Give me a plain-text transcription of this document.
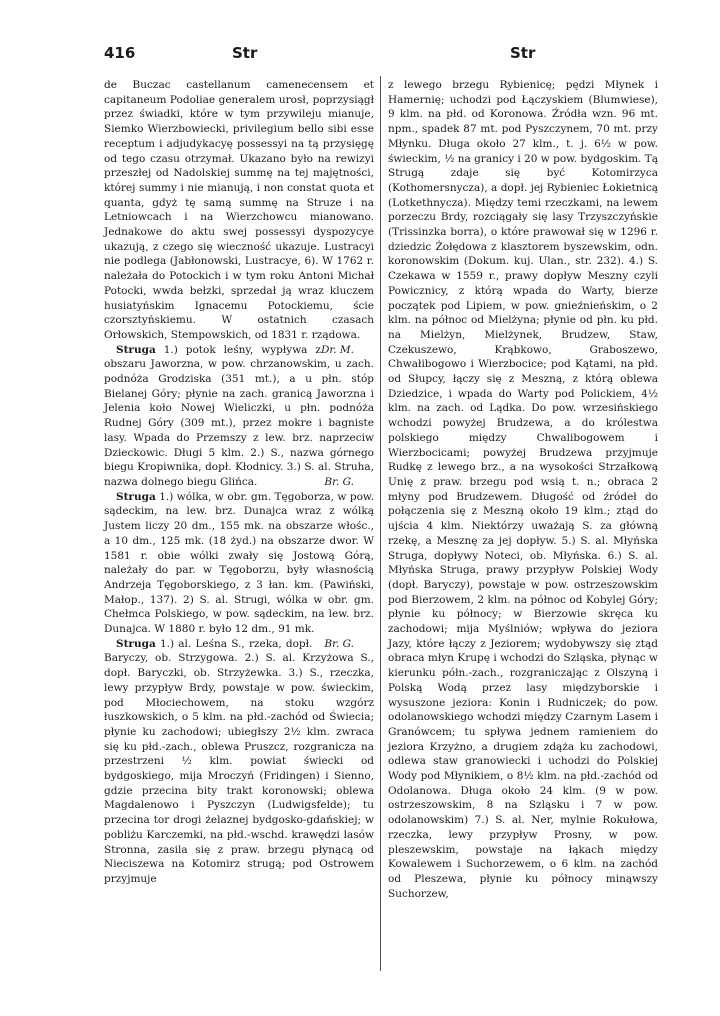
416	Str	Str

de Buczac castellanum camenecensem et capitaneum Podoliae generalem urosł, poprzysiągł przez świadki, które w tym przywileju mianuje, Siemko Wierzbowiecki, privilegium bello sibi esse receptum i adjudykacyę possessyi na tą przysięgę od tego czasu otrzymał. Ukazano było na rewizyi przeszłej od Nadolskiej summę na tej majętności, której summy i nie mianują, i non constat quota et quanta, gdyż tę samą summę na Struze i na Letniowcach i na Wierzchowcu mianowano. Jednakowe do aktu swej possessyi dyspozycye ukazują, z czego się wieczność ukazuje. Lustracyi nie podlega (Jabłonowski, Lustracye, 6). W 1762 r. należała do Potockich i w tym roku Antoni Michał Potocki, wwda bełzki, sprzedał ją wraz kluczem husiatyńskim Ignacemu Potockiemu, ście czorsztyńskiemu. W ostatnich czasach Orłowskich, Stempowskich, od 1831 r. rządowa.
Dr. M.

Struga 1.) potok leśny, wypływa z obszaru Jaworzna, w pow. chrzanowskim, u zach. podnóża Grodziska (351 mt.), a u płn. stóp Bielanej Góry; płynie na zach. granicą Jaworzna i Jelenia koło Nowej Wieliczki, u płn. podnóża Rudnej Góry (309 mt.), przez mokre i bagniste lasy. Wpada do Przemszy z lew. brz. naprzeciw Dzieckowic. Długi 5 klm. 2.) S., nazwa górnego biegu Kropiwnika, dopł. Kłodnicy. 3.) S. al. Struha, nazwa dolnego biegu Glińca.	Br. G.

Struga 1.) wólka, w obr. gm. Tęgoborza, w pow. sądeckim, na lew. brz. Dunajca wraz z wólką Justem liczy 20 dm., 155 mk. na obszarze włośc., a 10 dm., 125 mk. (18 żyd.) na obszarze dwor. W 1581 r. obie wólki zwały się Jostową Górą, należały do par. w Tęgoborzu, były własnością Andrzeja Tęgoborskiego, z 3 łan. km. (Pawiński, Małop., 137). 2) S. al. Strugi, wólka w obr. gm. Chełmca Polskiego, w pow. sądeckim, na lew. brz. Dunajca. W 1880 r. było 12 dm., 91 mk.
Br. G.

Struga 1.) al. Leśna S., rzeka, dopł. Baryczy, ob. Strzygowa. 2.) S. al. Krzyżowa S., dopł. Baryczki, ob. Strzyżewka. 3.) S., rzeczka, lewy przypływ Brdy, powstaje w pow. świeckim, pod Młociechowem, na stoku wzgórz łuszkowskich, o 5 klm. na płd.-zachód od Świecia; płynie ku zachodowi; ubiegłszy 2½ klm. zwraca się ku płd.-zach., oblewa Pruszcz, rozgranicza na przestrzeni ½ klm. powiat świecki od bydgoskiego, mija Mroczyń (Fridingen) i Sienno, gdzie przecina bity trakt koronowski; oblewa Magdalenowo i Pyszczyn (Ludwigsfelde); tu przecina tor drogi żelaznej bydgosko-gdańskiej; w pobliżu Karczemki, na płd.-wschd. krawędzi lasów Stronna, zasila się z praw. brzegu płynącą od Nieciszewa na Kotomirz strugą; pod Ostrowem przyjmuje

z lewego brzegu Rybienicę; pędzi Młynek i Hamernię; uchodzi pod Łączyskiem (Blumwiese), 9 klm. na płd. od Koronowa. Źródła wzn. 96 mt. npm., spadek 87 mt. pod Pyszczynem, 70 mt. przy Młynku. Długa około 27 klm., t. j. 6½ w pow. świeckim, ½ na granicy i 20 w pow. bydgoskim. Tą Strugą zdaje się być Kotomirzyca (Kothomersnycza), a dopł. jej Rybieniec Łokietnicą (Lotkethnycza). Między temi rzeczkami, na lewem porzeczu Brdy, rozciągały się lasy Trzyszczyńskie (Trissinzka borra), o które prawował się w 1296 r. dziedzic Żołędowa z klasztorem byszewskim, odn. koronowskim (Dokum. kuj. Ulan., str. 232). 4.) S. Czekawa w 1559 r., prawy dopływ Meszny czyli Powicznicy, z którą wpada do Warty, bierze początek pod Lipiem, w pow. gnieźnieńskim, o 2 klm. na północ od Mielżyna; płynie od płn. ku płd. na Mielżyn, Mielżynek, Brudzew, Staw, Czekuszewo, Krąbkowo, Graboszewo, Chwałibogowo i Wierzbocice; pod Kątami, na płd. od Słupcy, łączy się z Meszną, z którą oblewa Dziedzice, i wpada do Warty pod Polickiem, 4½ klm. na zach. od Lądka. Do pow. wrzesińskiego wchodzi powyżej Brudzewa, a do królestwa polskiego między Chwalibogowem i Wierzbocicami; powyżej Brudzewa przyjmuje Rudkę z lewego brz., a na wysokości Strzałkową Unię z praw. brzegu pod wsią t. n.; obraca 2 młyny pod Brudzewem. Długość od źródeł do połączenia się z Meszną około 19 klm.; ztąd do ujścia 4 klm. Niektórzy uważają S. za główną rzekę, a Mesznę za jej dopływ. 5.) S. al. Młyńska Struga, dopływy Noteci, ob. Młyńska. 6.) S. al. Młyńska Struga, prawy przypływ Polskiej Wody (dopł. Baryczy), powstaje w pow. ostrzeszowskim pod Bierzowem, 2 klm. na północ od Kobylej Góry; płynie ku północy; w Bierzowie skręca ku zachodowi; mija Myślniów; wpływa do jeziora Jazy, które łączy z Jeziorem; wydobywszy się ztąd obraca młyn Krupę i wchodzi do Szląska, płynąc w kierunku półn.-zach., rozgraniczając z Olszyną i Polską Wodą przez lasy międzyborskie i wysuszone jeziora: Konin i Rudniczek; do pow. odolanowskiego wchodzi między Czarnym Lasem i Granówcem; tu spływa jednem ramieniem do jeziora Krzyżno, a drugiem zdąża ku zachodowi, odlewa staw granowiecki i uchodzi do Polskiej Wody pod Młynikiem, o 8½ klm. na płd.-zachód od Odolanowa. Długa około 24 klm. (9 w pow. ostrzeszowskim, 8 na Szląsku i 7 w pow. odolanowskim) 7.) S. al. Ner, mylnie Rokułowa, rzeczka, lewy przypływ Prosny, w pow. pleszewskim, powstaje na łąkach między Kowalewem i Suchorzewem, o 6 klm. na zachód od Pleszewa, płynie ku północy minąwszy Suchorzew,
